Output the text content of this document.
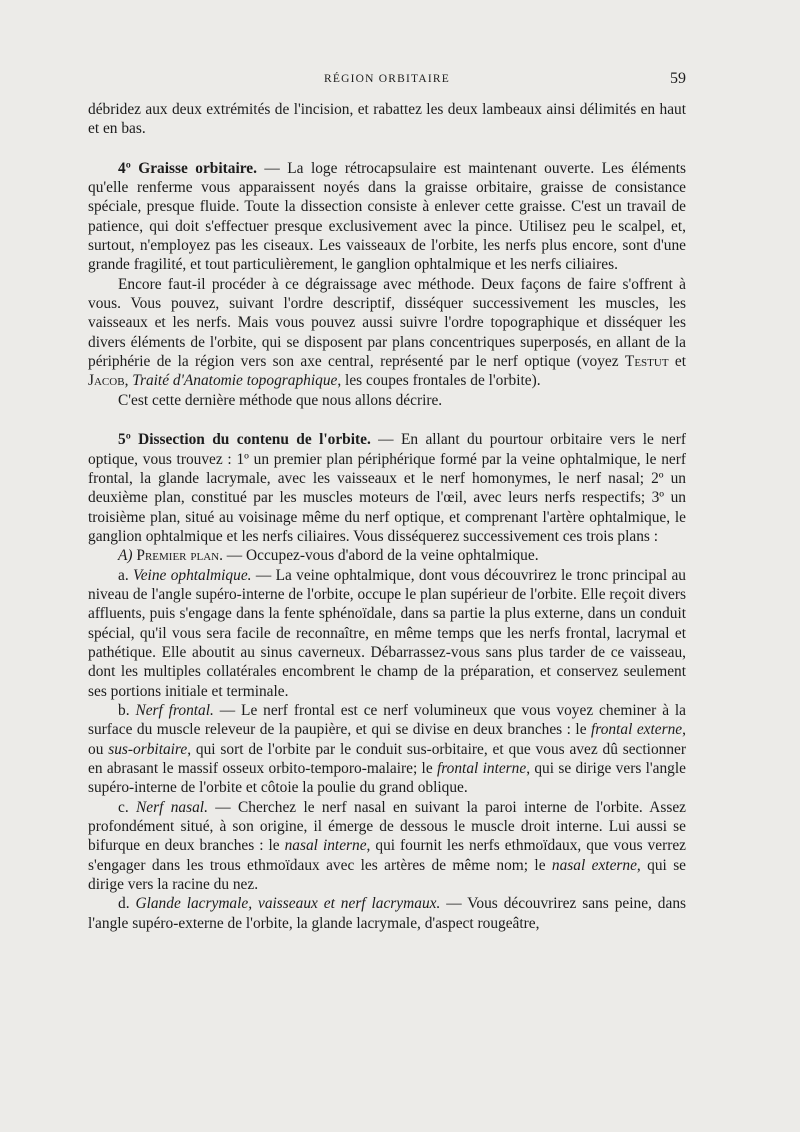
RÉGION ORBITAIRE	59

débridez aux deux extrémités de l'incision, et rabattez les deux lambeaux ainsi délimités en haut et en bas.

4º Graisse orbitaire. — La loge rétrocapsulaire est maintenant ouverte. Les éléments qu'elle renferme vous apparaissent noyés dans la graisse orbitaire, graisse de consistance spéciale, presque fluide. Toute la dissection consiste à enlever cette graisse. C'est un travail de patience, qui doit s'effectuer presque exclusivement avec la pince. Utilisez peu le scalpel, et, surtout, n'employez pas les ciseaux. Les vaisseaux de l'orbite, les nerfs plus encore, sont d'une grande fragilité, et tout particulièrement, le ganglion ophtalmique et les nerfs ciliaires.

Encore faut-il procéder à ce dégraissage avec méthode. Deux façons de faire s'offrent à vous. Vous pouvez, suivant l'ordre descriptif, disséquer successivement les muscles, les vaisseaux et les nerfs. Mais vous pouvez aussi suivre l'ordre topographique et disséquer les divers éléments de l'orbite, qui se disposent par plans concentriques superposés, en allant de la périphérie de la région vers son axe central, représenté par le nerf optique (voyez Testut et Jacob, Traité d'Anatomie topographique, les coupes frontales de l'orbite).

C'est cette dernière méthode que nous allons décrire.

5º Dissection du contenu de l'orbite. — En allant du pourtour orbitaire vers le nerf optique, vous trouvez : 1º un premier plan périphérique formé par la veine ophtalmique, le nerf frontal, la glande lacrymale, avec les vaisseaux et le nerf homonymes, le nerf nasal; 2º un deuxième plan, constitué par les muscles moteurs de l'œil, avec leurs nerfs respectifs; 3º un troisième plan, situé au voisinage même du nerf optique, et comprenant l'artère ophtalmique, le ganglion ophtalmique et les nerfs ciliaires. Vous disséquerez successivement ces trois plans :

A) Premier plan. — Occupez-vous d'abord de la veine ophtalmique.

a. Veine ophtalmique. — La veine ophtalmique, dont vous découvrirez le tronc principal au niveau de l'angle supéro-interne de l'orbite, occupe le plan supérieur de l'orbite. Elle reçoit divers affluents, puis s'engage dans la fente sphénoïdale, dans sa partie la plus externe, dans un conduit spécial, qu'il vous sera facile de reconnaître, en même temps que les nerfs frontal, lacrymal et pathétique. Elle aboutit au sinus caverneux. Débarrassez-vous sans plus tarder de ce vaisseau, dont les multiples collatérales encombrent le champ de la préparation, et conservez seulement ses portions initiale et terminale.

b. Nerf frontal. — Le nerf frontal est ce nerf volumineux que vous voyez cheminer à la surface du muscle releveur de la paupière, et qui se divise en deux branches : le frontal externe, ou sus-orbitaire, qui sort de l'orbite par le conduit sus-orbitaire, et que vous avez dû sectionner en abrasant le massif osseux orbito-temporo-malaire; le frontal interne, qui se dirige vers l'angle supéro-interne de l'orbite et côtoie la poulie du grand oblique.

c. Nerf nasal. — Cherchez le nerf nasal en suivant la paroi interne de l'orbite. Assez profondément situé, à son origine, il émerge de dessous le muscle droit interne. Lui aussi se bifurque en deux branches : le nasal interne, qui fournit les nerfs ethmoïdaux, que vous verrez s'engager dans les trous ethmoïdaux avec les artères de même nom; le nasal externe, qui se dirige vers la racine du nez.

d. Glande lacrymale, vaisseaux et nerf lacrymaux. — Vous découvrirez sans peine, dans l'angle supéro-externe de l'orbite, la glande lacrymale, d'aspect rougeâtre,
